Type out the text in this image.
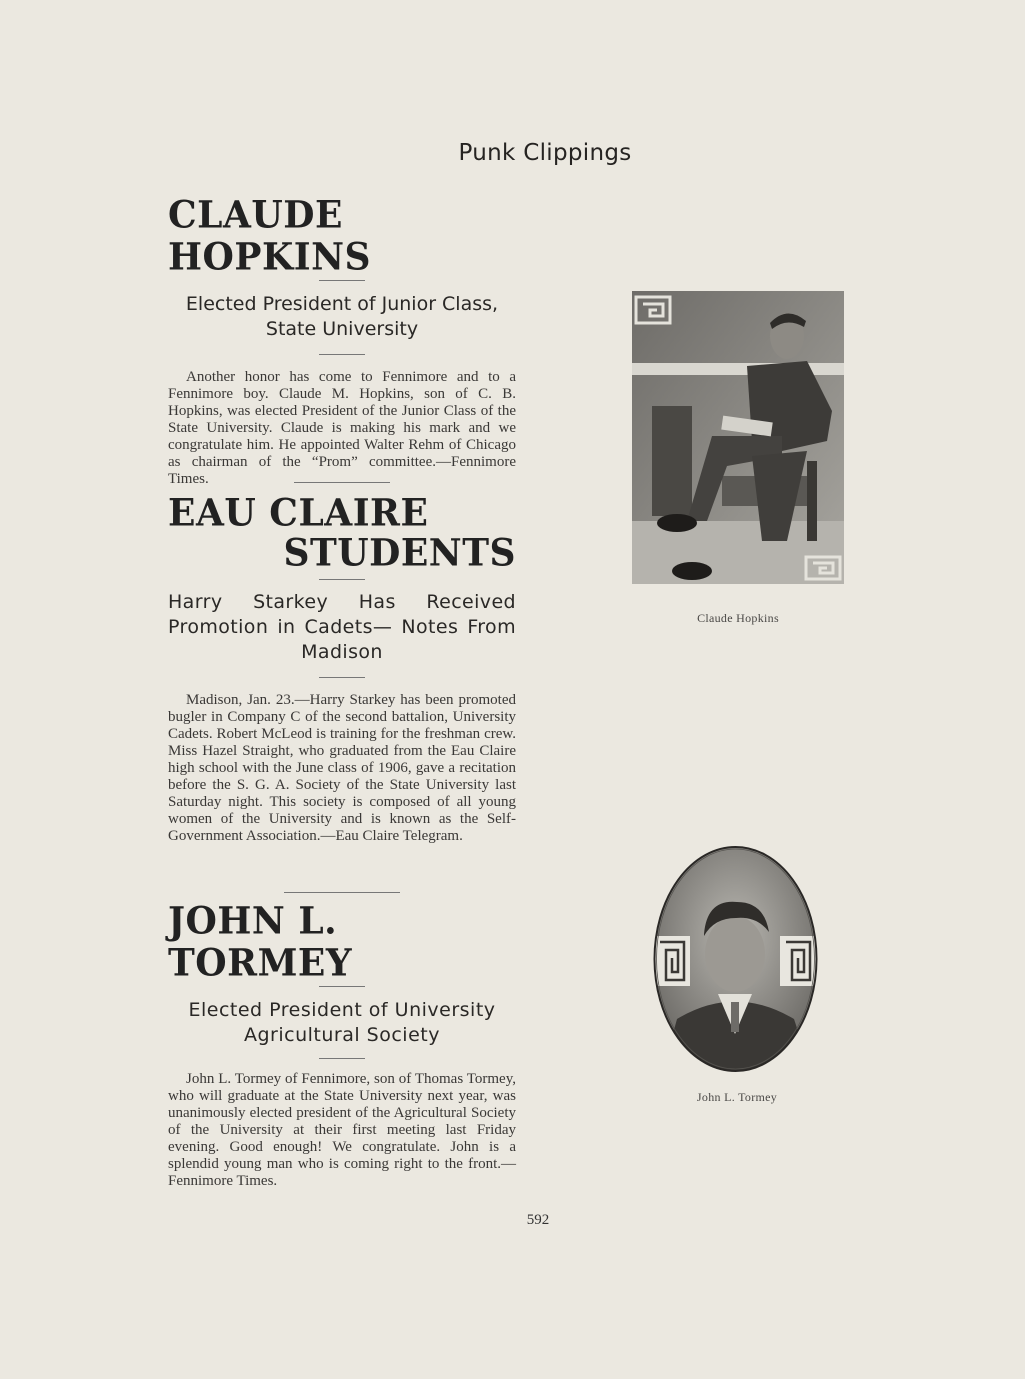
Punk Clippings
CLAUDE HOPKINS

Elected President of Junior Class, State University

Another honor has come to Fennimore and to a Fennimore boy. Claude M. Hopkins, son of C. B. Hopkins, was elected President of the Junior Class of the State University. Claude is making his mark and we congratulate him. He appointed Walter Rehm of Chicago as chairman of the “Prom” committee.—Fennimore Times.

EAU CLAIRE
STUDENTS

Harry Starkey Has Received Promotion in Cadets— Notes From Madison

Madison, Jan. 23.—Harry Starkey has been promoted bugler in Company C of the second battalion, University Cadets. Robert McLeod is training for the freshman crew. Miss Hazel Straight, who graduated from the Eau Claire high school with the June class of 1906, gave a recitation before the S. G. A. Society of the State University last Saturday night. This society is composed of all young women of the University and is known as the Self-Government Association.—Eau Claire Telegram.

JOHN L. TORMEY

Elected President of University Agricultural Society

John L. Tormey of Fennimore, son of Thomas Tormey, who will graduate at the State University next year, was unanimously elected president of the Agricultural Society of the University at their first meeting last Friday evening. Good enough! We congratulate. John is a splendid young man who is coming right to the front.—Fennimore Times.

Claude Hopkins
John L. Tormey
592
